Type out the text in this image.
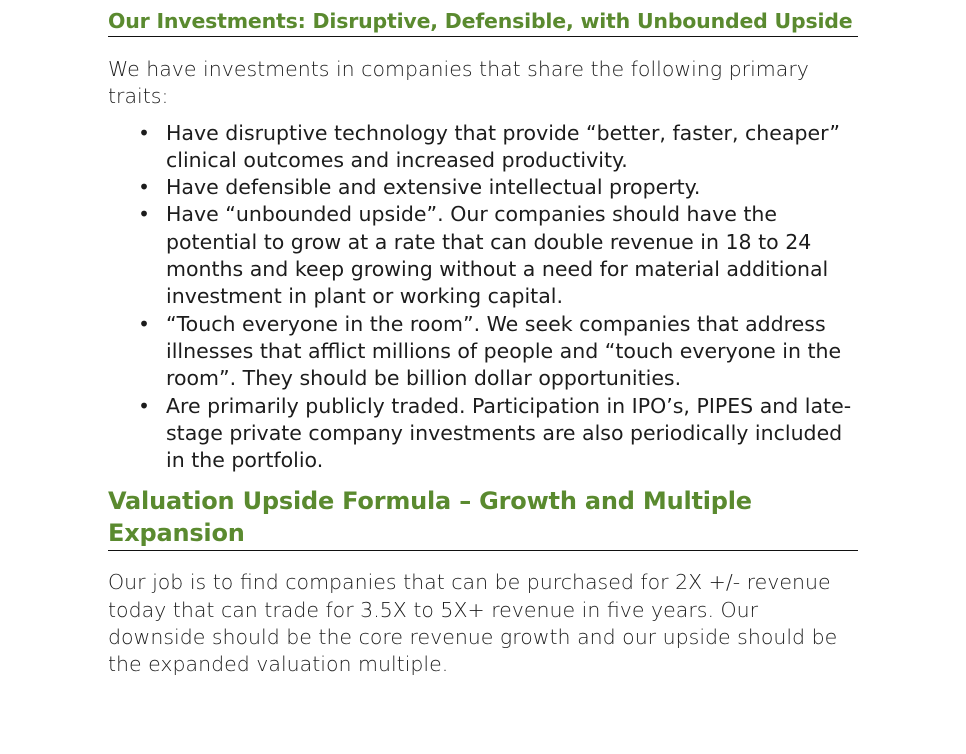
Our Investments: Disruptive, Defensible, with Unbounded Upside

We have investments in companies that share the following primary traits:

• Have disruptive technology that provide “better, faster, cheaper” clinical outcomes and increased productivity.
• Have defensible and extensive intellectual property.
• Have “unbounded upside”. Our companies should have the potential to grow at a rate that can double revenue in 18 to 24 months and keep growing without a need for material additional investment in plant or working capital.
• “Touch everyone in the room”. We seek companies that address illnesses that afflict millions of people and “touch everyone in the room”. They should be billion dollar opportunities.
• Are primarily publicly traded. Participation in IPO’s, PIPES and late-stage private company investments are also periodically included in the portfolio.
Valuation Upside Formula – Growth and Multiple Expansion

Our job is to find companies that can be purchased for 2X +/- revenue today that can trade for 3.5X to 5X+ revenue in five years. Our downside should be the core revenue growth and our upside should be the expanded valuation multiple.
